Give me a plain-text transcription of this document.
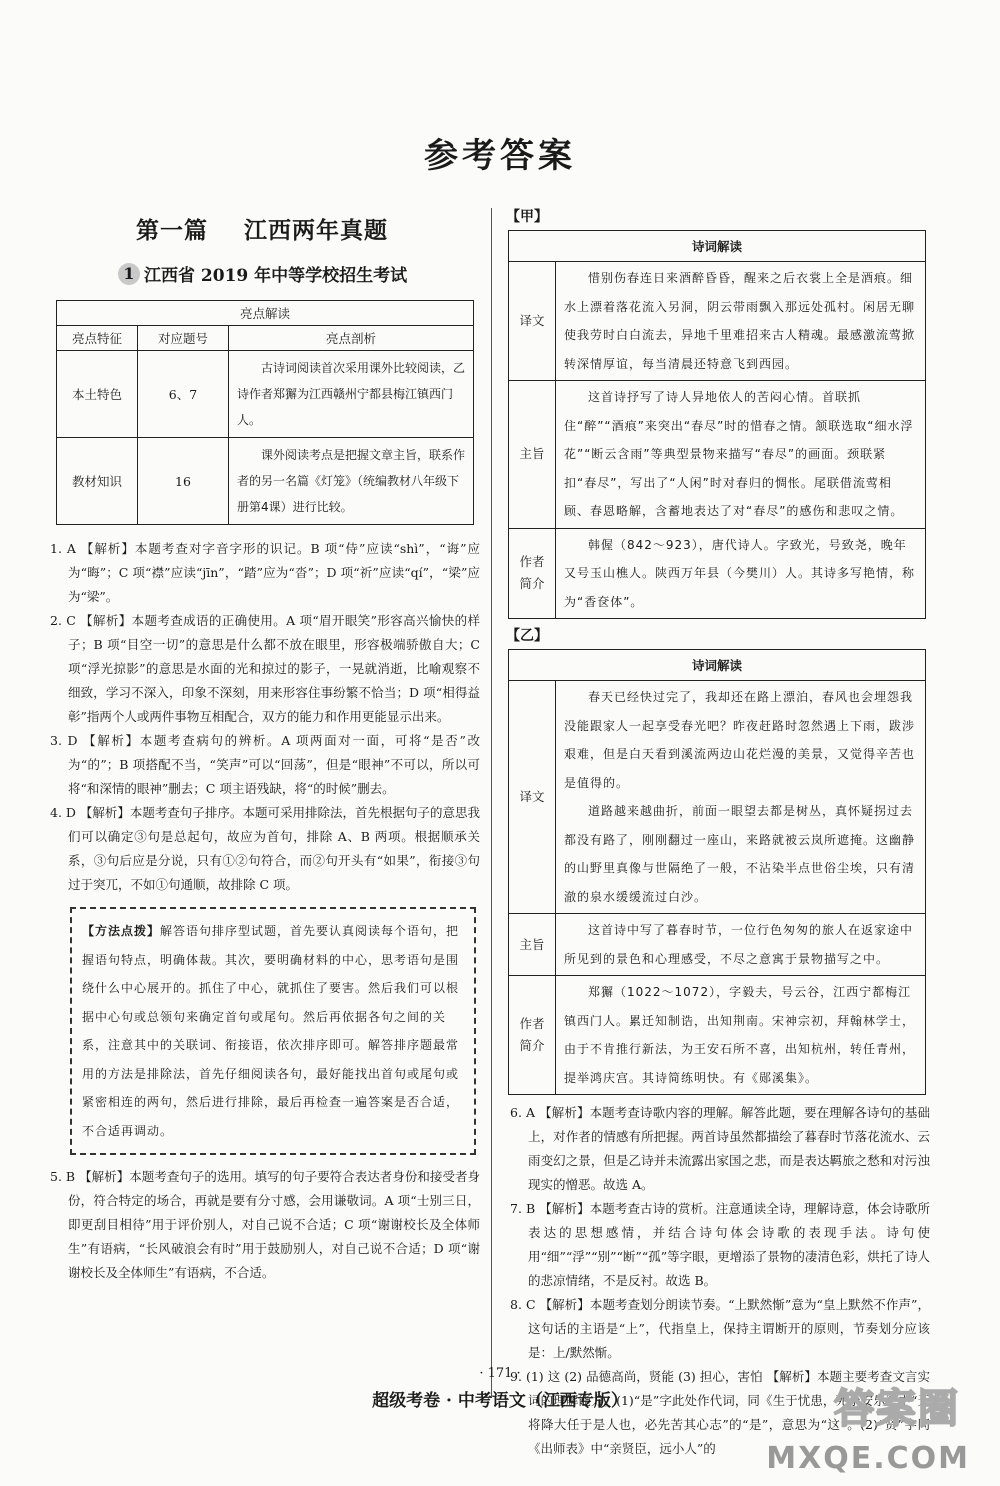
参考答案
第一篇 江西两年真题
1 江西省 2019 年中等学校招生考试
亮点解读		
亮点特征	对应题号	亮点剖析
本土特色	6、7	古诗词阅读首次采用课外比较阅读，乙诗作者郑獬为江西赣州宁都县梅江镇西门人。
教材知识	16	课外阅读考点是把握文章主旨，联系作者的另一名篇《灯笼》（统编教材八年级下册第4课）进行比较。

1. A 【解析】本题考查对字音字形的识记。B 项“侍”应读“shì”，“诲”应为“晦”；C 项“襟”应读“jīn”，“踏”应为“沓”；D 项“祈”应读“qí”，“梁”应为“梁”。

2. C 【解析】本题考查成语的正确使用。A 项“眉开眼笑”形容高兴愉快的样子；B 项“目空一切”的意思是什么都不放在眼里，形容极端骄傲自大；C 项“浮光掠影”的意思是水面的光和掠过的影子，一晃就消逝，比喻观察不细致，学习不深入，印象不深刻，用来形容住事纷繁不恰当；D 项“相得益彰”指两个人或两件事物互相配合，双方的能力和作用更能显示出来。

3. D 【解析】本题考查病句的辨析。A 项两面对一面，可将“是否”改为“的”；B 项搭配不当，“笑声”可以“回荡”，但是“眼神”不可以，所以可将“和深情的眼神”删去；C 项主语残缺，将“的时候”删去。

4. D 【解析】本题考查句子排序。本题可采用排除法，首先根据句子的意思我们可以确定③句是总起句，故应为首句，排除 A、B 两项。根据顺承关系，③句后应是分说，只有①②句符合，而②句开头有“如果”，衔接③句过于突兀，不如①句通顺，故排除 C 项。

【方法点拨】解答语句排序型试题，首先要认真阅读每个语句，把握语句特点，明确体裁。其次，要明确材料的中心，思考语句是围绕什么中心展开的。抓住了中心，就抓住了要害。然后我们可以根据中心句或总领句来确定首句或尾句。然后再依据各句之间的关系，注意其中的关联词、衔接语，依次排序即可。解答排序题最常用的方法是排除法，首先仔细阅读各句，最好能找出首句或尾句或紧密相连的两句，然后进行排除，最后再检查一遍答案是否合适，不合适再调动。

5. B 【解析】本题考查句子的选用。填写的句子要符合表达者身份和接受者身份，符合特定的场合，再就是要有分寸感，会用谦敬词。A 项“士别三日，即更刮目相待”用于评价别人，对自己说不合适；C 项“谢谢校长及全体师生”有语病，“长风破浪会有时”用于鼓励别人，对自己说不合适；D 项“谢谢校长及全体师生”有语病，不合适。

【甲】
诗词解读	
译文	惜别伤春连日来酒醉昏昏，醒来之后衣裳上全是酒痕。细水上漂着落花流入另洞，阴云带雨飘入那远处孤村。闲居无聊使我劳时白白流去，异地千里难招来古人精魂。最感激流莺掀转深情厚谊，每当清晨还特意飞到西园。

主旨	这首诗抒写了诗人异地依人的苦闷心情。首联抓住“醉”“酒痕”来突出“春尽”时的惜春之情。颔联选取“细水浮花”“断云含雨”等典型景物来描写“春尽”的画面。颈联紧扣“春尽”，写出了“人闲”时对春归的惆怅。尾联借流莺相顾、春恩略解，含蓄地表达了对“春尽”的感伤和悲叹之情。

作者简介	韩偓（842～923），唐代诗人。字致光，号致尧，晚年又号玉山樵人。陕西万年县（今樊川）人。其诗多写艳情，称为“香奁体”。

【乙】
诗词解读	
译文	春天已经快过完了，我却还在路上漂泊，春风也会埋怨我没能跟家人一起享受春光吧？昨夜赶路时忽然遇上下雨，跋涉艰难，但是白天看到溪流两边山花烂漫的美景，又觉得辛苦也是值得的。

道路越来越曲折，前面一眼望去都是树丛，真怀疑拐过去都没有路了，刚刚翻过一座山，来路就被云岚所遮掩。这幽静的山野里真像与世隔绝了一般，不沾染半点世俗尘埃，只有清澈的泉水缓缓流过白沙。

主旨	这首诗中写了暮春时节，一位行色匆匆的旅人在返家途中所见到的景色和心理感受，不尽之意寓于景物描写之中。

作者简介	郑獬（1022～1072），字毅夫，号云谷，江西宁都梅江镇西门人。累迁知制诰，出知荆南。宋神宗初，拜翰林学士，由于不肯推行新法，为王安石所不喜，出知杭州，转任青州，提举鸿庆宫。其诗简练明快。有《郧溪集》。

6. A 【解析】本题考查诗歌内容的理解。解答此题，要在理解各诗句的基础上，对作者的情感有所把握。两首诗虽然都描绘了暮春时节落花流水、云雨变幻之景，但是乙诗并未流露出家国之悲，而是表达羁旅之愁和对污浊现实的憎恶。故选 A。

7. B 【解析】本题考查古诗的赏析。注意通读全诗，理解诗意，体会诗歌所表达的思想感情，并结合诗句体会诗歌的表现手法。诗句使用“细”“浮”“别”“断”“孤”等字眼，更增添了景物的凄清色彩，烘托了诗人的悲凉情绪，不是反衬。故选 B。

8. C 【解析】本题考查划分朗读节奏。“上默然惭”意为“皇上默然不作声”，这句话的主语是“上”，代指皇上，保持主谓断开的原则，节奏划分应该是：上/默然惭。

9. (1) 这 (2) 品德高尚，贤能 (3) 担心，害怕 【解析】本题主要考查文言实词的理解能力。(1)“是”字此处作代词，同《生于忧患，死于安乐》中“天将降大任于是人也，必先苦其心志”的“是”，意思为“这”。(2)“贤”字同《出师表》中“亲贤臣，远小人”的

· 171 ·
超级考卷 · 中考语文（江西专版）	答案圈
MXQE.COM
